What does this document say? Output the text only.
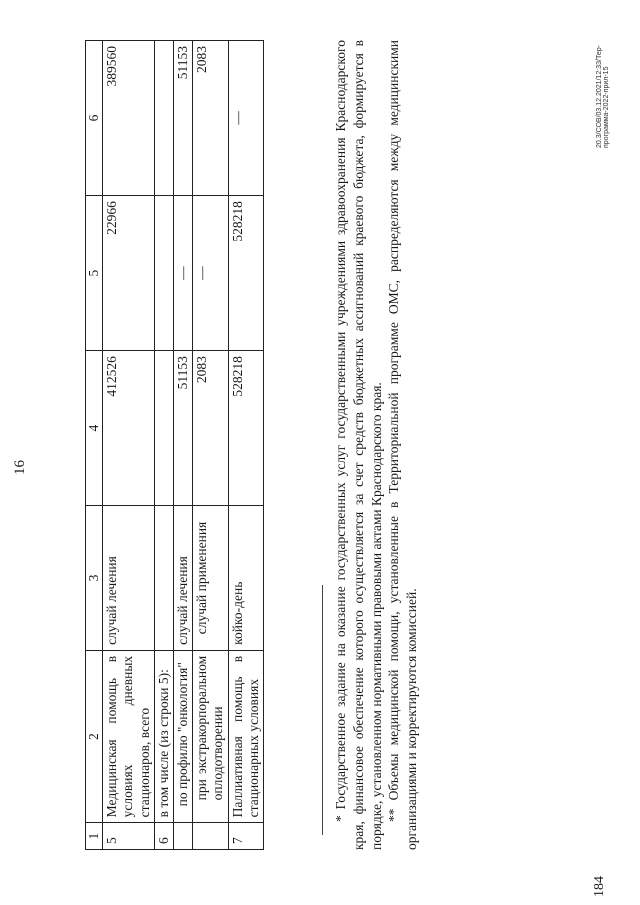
16
1	2	3	4	5	6
5	Медицинская помощь в условиях дневных стационаров, всего	случай лечения	412526	22966	389560
6	в том числе (из строки 5):				
	по профилю "онкология"	случай лечения	51153	—	51153
	при экстракорпоральном оплодотворении	случай применения	2083	—	2083
7	Паллиативная помощь в стационарных условиях	койко-день	528218	528218	—	* Государственное задание на оказание государственных услуг государственными учреждениями здравоохранения Краснодарского края, финансовое обеспечение которого осуществляется за счет средств бюджетных ассигнований краевого бюджета, формируется в порядке, установленном нормативными правовыми актами Краснодарского края. ** Объемы медицинской помощи, установленные в Территориальной программе ОМС, распределяются между медицинскими организациями и корректируются комиссией.

20.3/СОВ/03.12.2021/12:33/Тер-программа-2022-прил-15
184
